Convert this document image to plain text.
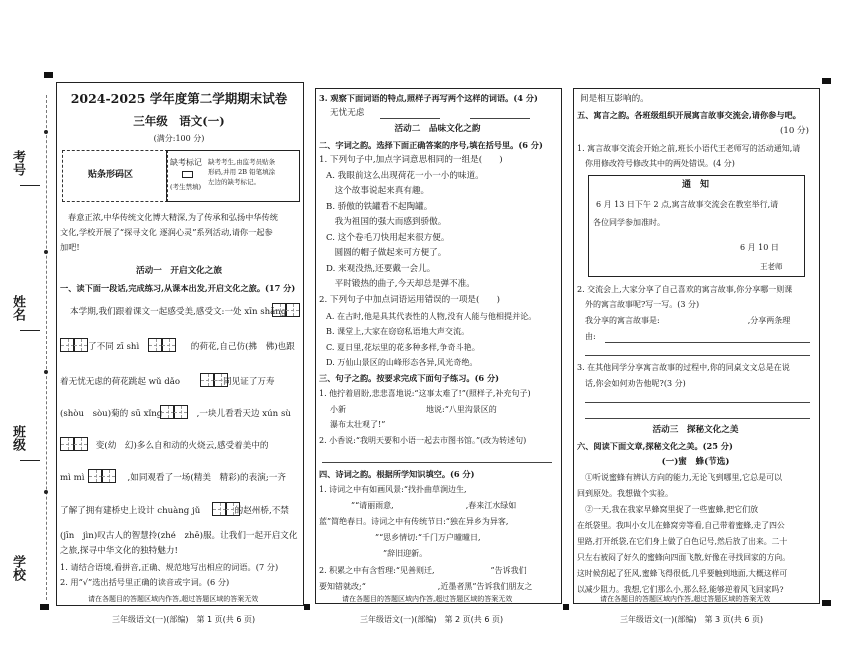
考号
姓名
班级
学校
2024-2025 学年度第二学期期末试卷
三年级　语文(一)
(满分:100 分)
贴条形码区
缺考标记
(考生禁填)
缺考考生,由监考员贴条
形码,并用 2B 铅笔填涂
左边的缺考标记。
春意正浓,中华传统文化博大精深,为了传承和弘扬中华传统
文化,学校开展了“探寻文化 逐润心灵”系列活动,请你一起参
加吧!
活动一　开启文化之旅
一、读下面一段话,完成练习,从课本出发,开启文化之旅。(17 分)
本学期,我们跟着课文一起感受美,感受文:一处 xīn shǎng
了不同 zī shì　　　　　　的荷花,自己仿(拂　佛)也跟
着无忧无虑的荷花跳起 wǔ dǎo　　　　一同见证了万寿
(shòu　sòu)菊的 sū xǐng　　　　,一块儿看看天边 xún sù
　　　变(幼　幻)多么自和动的火烧云,感受着美中的
mì mì　　　　　,如同观看了一场(精美　精彩)的表演;一齐
了解了拥有建桥史上设计 chuàng jǔ　　　　的赵州桥,不禁
(jīn　jìn)叹古人的智慧拎(zhé　zhē)服。让我们一起开启文化
之旅,探寻中华文化的独特魅力!
1. 请结合语境,看拼音,正确、规范地写出相应的词语。(7 分)
2. 用“√”选出括号里正确的读音或字词。(6 分)
请在各题目的答题区域内作答,超过答题区域的答案无效
三年级语文(一)(部编)　第 1 页(共 6 页)
3. 观察下面词语的特点,照样子再写两个这样的词语。(4 分)
无忧无虑
活动二　品味文化之韵
二、字词之韵。选择下面正确答案的序号,填在括号里。(6 分)
1. 下列句子中,加点字词意思相同的一组是(　　)
A. 我眼前这么出现荷花一小一小的味道。
　这个故事说起来真有趣。
B. 骄傲的铁罐看不起陶罐。
　我为祖国的强大而感到骄傲。
C. 这个卷毛刀快用起来很方便。
　圆圆的帽子做起来可方便了。
D. 来观没热,还要戴一会儿。
　平时锻热的曲子,今天却总是弹不准。
2. 下列句子中加点词语运用错误的一项是(　　)
A. 在古时,他是具其代表性的人物,没有人能与他相提并论。
B. 课堂上,大家在窃窃私语地大声交流。
C. 夏日里,花坛里的花多种多样,争奇斗艳。
D. 万仙山景区的山峰形态各异,风光奇绝。
三、句子之韵。按要求完成下面句子练习。(6 分)
1. 他拧着眉盼,悲悲喜地说:“这事太难了!”(照样子,补充句子)
小新　　　　　　　　　　地说:“八里沟景区的
瀑布太壮观了!”
2. 小香说:“我明天要和小语一起去市图书馆。”(改为转述句)
四、诗词之韵。根据所学知识填空。(6 分)
1. 诗词之中有如画风景:“找扑曲草涧边生,
　　　　”“请丽雨意,　　　　　　　　　,春来江水绿如
蓝”简绝春日。诗词之中有传统节日:“独在异乡为异客,
　　　　　　　”“思乡情切:“千门万户曈曈日,
　　　　　　　　”辞旧迎新。
2. 积累之中有含哲理:“见善则迁,　　　　　　　”告诉我们
要知错就改;“　　　　　　　　　,近墨者黑”告诉我们朋友之
请在各题目的答题区域内作答,超过答题区域的答案无效
三年级语文(一)(部编)　第 2 页(共 6 页)
间是相互影响的。
五、寓言之韵。各班级组织开展寓言故事交流会,请你参与吧。
(10 分)
1. 寓言故事交流会开始之前,班长小语代王老师写的活动通知,请
你用修改符号修改其中的两处错误。(4 分)
通　知
6 月 13 日下午 2 点,寓言故事交流会在教室举行,请
各位同学参加准时。
6 月 10 日
王老师
2. 交流会上,大家分享了自己喜欢的寓言故事,你分享哪一则课
外的寓言故事呢?写一写。(3 分)
我分享的寓言故事是:　　　　　　　　　　　,分享两条理
由:
3. 在其他同学分享寓言故事的过程中,你的同桌文文总是在说
话,你会如何劝告他呢?(3 分)
活动三　探秘文化之美
六、阅读下面文章,探秘文化之美。(25 分)
(一)蜜　蜂(节选)
①听说蜜蜂有辨认方向的能力,无论飞到哪里,它总是可以
回到原处。我想做个实验。
②一天,我在我家早蜂窝里捉了一些蜜蜂,把它们放
在纸袋里。我叫小女儿在蜂窝旁等看,自己带着蜜蜂,走了四公
里路,打开纸袋,在它们身上做了白色记号,然后放了出来。二十
只左右被闷了好久的蜜蜂向四面飞散,好像在寻找回家的方向。
这时候刮起了狂风,蜜蜂飞得很低,几乎要触到地面,大概这样可
以减少阻力。我想,它们那么小,那么轻,能够逆着风飞回家吗?
请在各题目的答题区域内作答,超过答题区域的答案无效
三年级语文(一)(部编)　第 3 页(共 6 页)
